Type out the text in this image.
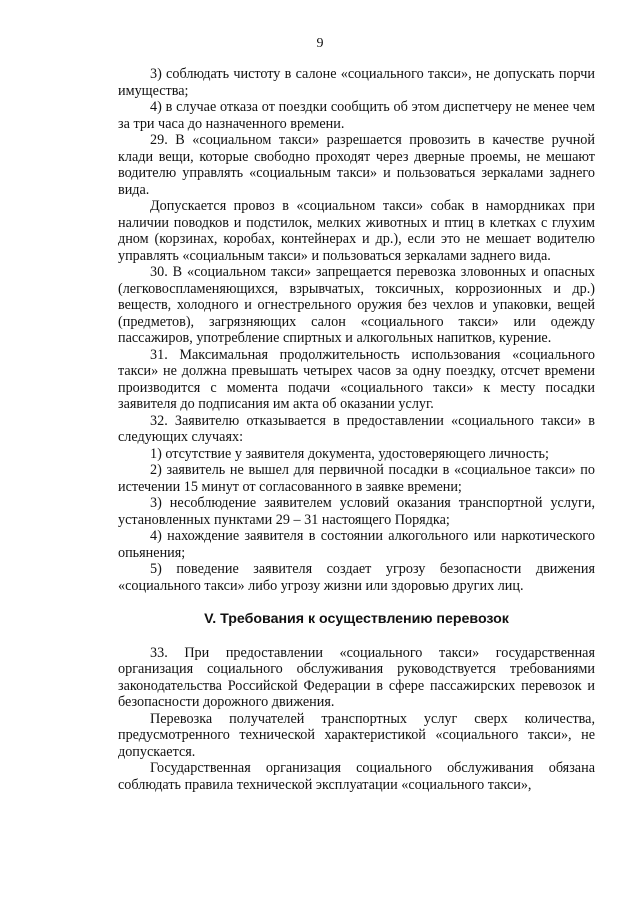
9

3) соблюдать чистоту в салоне «социального такси», не допускать порчи имущества;

4) в случае отказа от поездки сообщить об этом диспетчеру не менее чем за три часа до назначенного времени.

29. В «социальном такси» разрешается провозить в качестве ручной клади вещи, которые свободно проходят через дверные проемы, не мешают водителю управлять «социальным такси» и пользоваться зеркалами заднего вида.

Допускается провоз в «социальном такси» собак в намордниках при наличии поводков и подстилок, мелких животных и птиц в клетках с глухим дном (корзинах, коробах, контейнерах и др.), если это не мешает водителю управлять «социальным такси» и пользоваться зеркалами заднего вида.

30. В «социальном такси» запрещается перевозка зловонных и опасных (легковоспламеняющихся, взрывчатых, токсичных, коррозионных и др.) веществ, холодного и огнестрельного оружия без чехлов и упаковки, вещей (предметов), загрязняющих салон «социального такси» или одежду пассажиров, употребление спиртных и алкогольных напитков, курение.

31. Максимальная продолжительность использования «социального такси» не должна превышать четырех часов за одну поездку, отсчет времени производится с момента подачи «социального такси» к месту посадки заявителя до подписания им акта об оказании услуг.

32. Заявителю отказывается в предоставлении «социального такси» в следующих случаях:

1) отсутствие у заявителя документа, удостоверяющего личность;

2) заявитель не вышел для первичной посадки в «социальное такси» по истечении 15 минут от согласованного в заявке времени;

3) несоблюдение заявителем условий оказания транспортной услуги, установленных пунктами 29 – 31 настоящего Порядка;

4) нахождение заявителя в состоянии алкогольного или наркотического опьянения;

5) поведение заявителя создает угрозу безопасности движения «социального такси» либо угрозу жизни или здоровью других лиц.

V. Требования к осуществлению перевозок

33. При предоставлении «социального такси» государственная организация социального обслуживания руководствуется требованиями законодательства Российской Федерации в сфере пассажирских перевозок и безопасности дорожного движения.

Перевозка получателей транспортных услуг сверх количества, предусмотренного технической характеристикой «социального такси», не допускается.

Государственная организация социального обслуживания обязана соблюдать правила технической эксплуатации «социального такси»,
